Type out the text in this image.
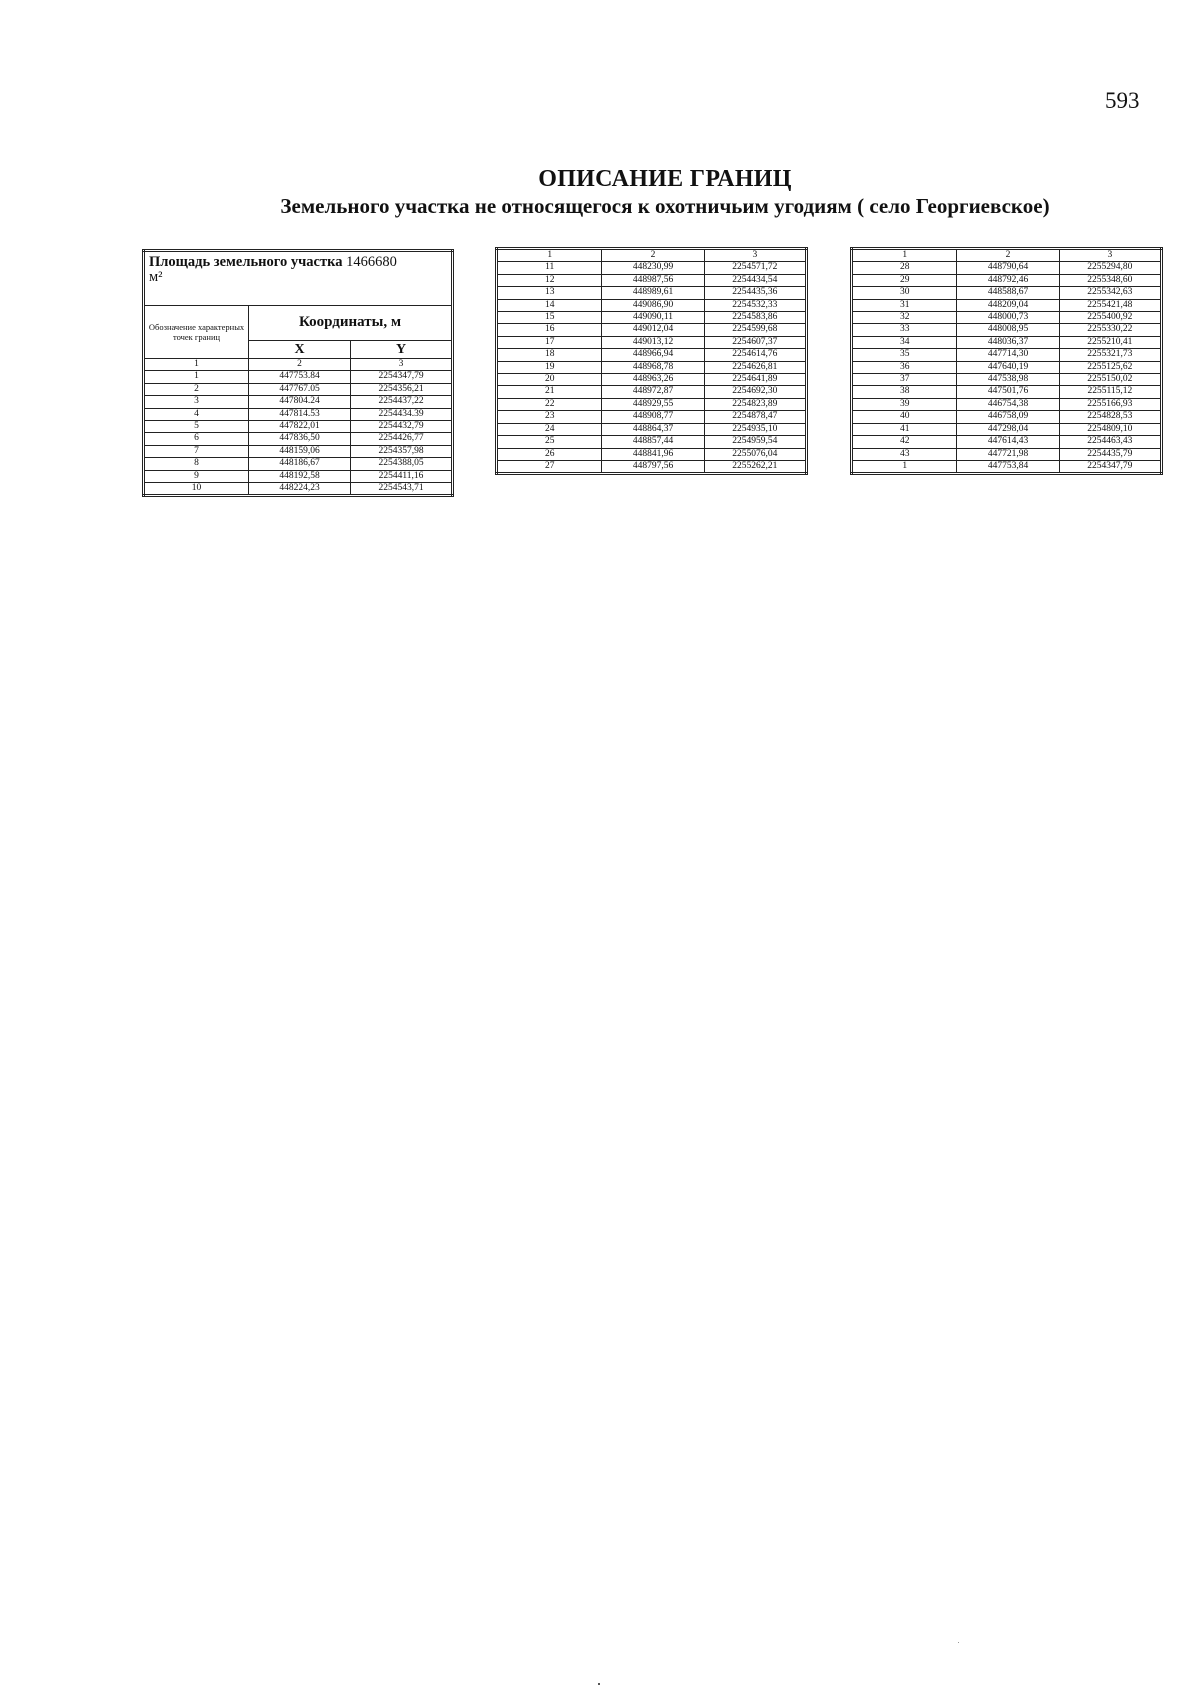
593
ОПИСАНИЕ ГРАНИЦ
Земельного участка не относящегося к охотничьим угодиям ( село Георгиевское)
Площадь земельного участка 1466680
м²		
Обозначение характерных точек границ	Координаты, м	
	X	Y
1	2	3
1	447753.84	2254347,79
2	447767.05	2254356,21
3	447804.24	2254437,22
4	447814.53	2254434.39
5	447822,01	2254432,79
6	447836,50	2254426,77
7	448159,06	2254357,98
8	448186,67	2254388,05
9	448192,58	2254411,16
10	448224,23	2254543,71
1	2	3
11	448230,99	2254571,72
12	448987,56	2254434,54
13	448989,61	2254435,36
14	449086,90	2254532,33
15	449090,11	2254583,86
16	449012,04	2254599,68
17	449013,12	2254607,37
18	448966,94	2254614,76
19	448968,78	2254626,81
20	448963,26	2254641,89
21	448972,87	2254692,30
22	448929,55	2254823,89
23	448908,77	2254878,47
24	448864,37	2254935,10
25	448857,44	2254959,54
26	448841,96	2255076,04
27	448797,56	2255262,21
1	2	3
28	448790,64	2255294,80
29	448792,46	2255348,60
30	448588,67	2255342,63
31	448209,04	2255421,48
32	448000,73	2255400,92
33	448008,95	2255330,22
34	448036,37	2255210,41
35	447714,30	2255321,73
36	447640,19	2255125,62
37	447538,98	2255150,02
38	447501,76	2255115,12
39	446754,38	2255166,93
40	446758,09	2254828,53
41	447298,04	2254809,10
42	447614,43	2254463,43
43	447721,98	2254435,79
1	447753,84	2254347,79
